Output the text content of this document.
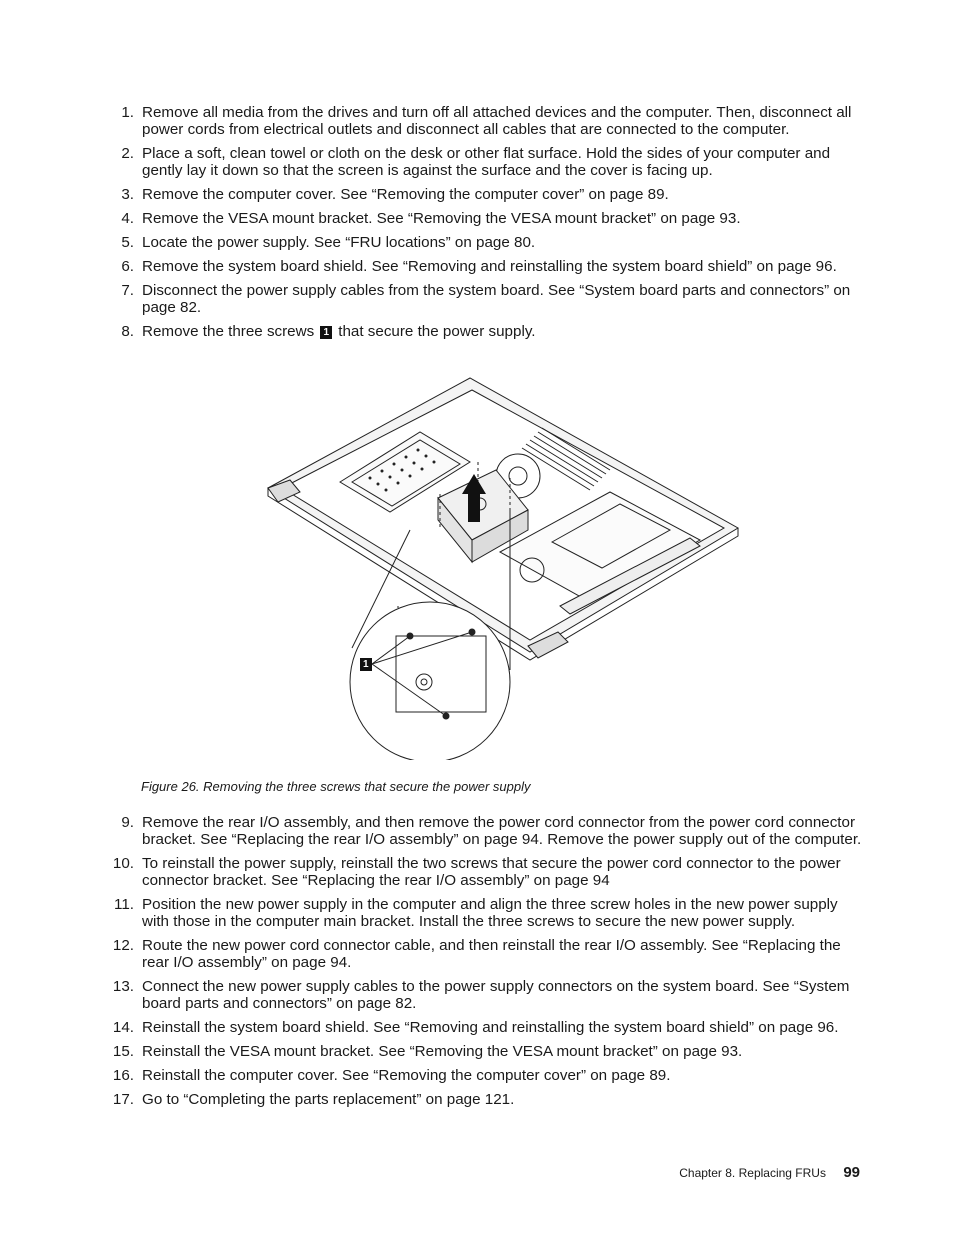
1. Remove all media from the drives and turn off all attached devices and the computer. Then, disconnect all power cords from electrical outlets and disconnect all cables that are connected to the computer.
2. Place a soft, clean towel or cloth on the desk or other flat surface. Hold the sides of your computer and gently lay it down so that the screen is against the surface and the cover is facing up.
3. Remove the computer cover. See “Removing the computer cover” on page 89.
4. Remove the VESA mount bracket. See “Removing the VESA mount bracket” on page 93.
5. Locate the power supply. See “FRU locations” on page 80.
6. Remove the system board shield. See “Removing and reinstalling the system board shield” on page 96.
7. Disconnect the power supply cables from the system board. See “System board parts and connectors” on page 82.
8. Remove the three screws 1 that secure the power supply.
1
Figure 26. Removing the three screws that secure the power supply
9. Remove the rear I/O assembly, and then remove the power cord connector from the power cord connector bracket. See “Replacing the rear I/O assembly” on page 94. Remove the power supply out of the computer.
10. To reinstall the power supply, reinstall the two screws that secure the power cord connector to the power connector bracket. See “Replacing the rear I/O assembly” on page 94
11. Position the new power supply in the computer and align the three screw holes in the new power supply with those in the computer main bracket. Install the three screws to secure the new power supply.
12. Route the new power cord connector cable, and then reinstall the rear I/O assembly. See “Replacing the rear I/O assembly” on page 94.
13. Connect the new power supply cables to the power supply connectors on the system board. See “System board parts and connectors” on page 82.
14. Reinstall the system board shield. See “Removing and reinstalling the system board shield” on page 96.
15. Reinstall the VESA mount bracket. See “Removing the VESA mount bracket” on page 93.
16. Reinstall the computer cover. See “Removing the computer cover” on page 89.
17. Go to “Completing the parts replacement” on page 121.
Chapter 8. Replacing FRUs 99
